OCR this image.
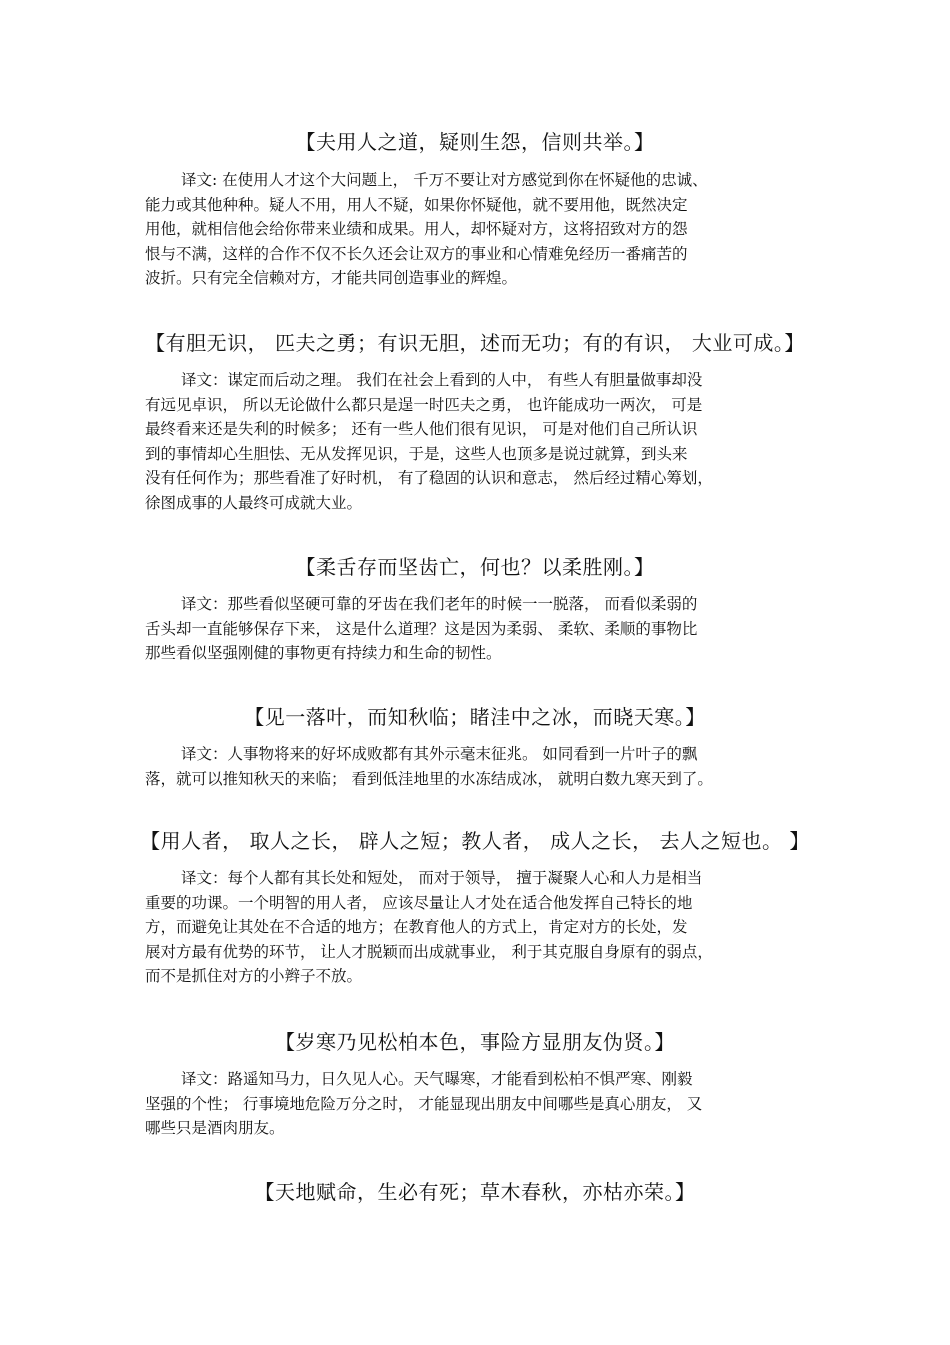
【夫用人之道，疑则生怨，信则共举。】
译文: 在使用人才这个大问题上， 千万不要让对方感觉到你在怀疑他的忠诚、
能力或其他种种。疑人不用，用人不疑，如果你怀疑他，就不要用他，既然决定
用他，就相信他会给你带来业绩和成果。用人，却怀疑对方，这将招致对方的怨
恨与不满，这样的合作不仅不长久还会让双方的事业和心情难免经历一番痛苦的
波折。只有完全信赖对方，才能共同创造事业的辉煌。
【有胆无识， 匹夫之勇；有识无胆，述而无功；有的有识， 大业可成。】
译文：谋定而后动之理。 我们在社会上看到的人中， 有些人有胆量做事却没
有远见卓识， 所以无论做什么都只是逞一时匹夫之勇， 也许能成功一两次， 可是
最终看来还是失利的时候多； 还有一些人他们很有见识， 可是对他们自己所认识
到的事情却心生胆怯、无从发挥见识，于是，这些人也顶多是说过就算，到头来
没有任何作为；那些看准了好时机， 有了稳固的认识和意志， 然后经过精心筹划，
徐图成事的人最终可成就大业。
【柔舌存而坚齿亡，何也？以柔胜刚。】
译文：那些看似坚硬可靠的牙齿在我们老年的时候一一脱落， 而看似柔弱的
舌头却一直能够保存下来， 这是什么道理？这是因为柔弱、 柔软、柔顺的事物比
那些看似坚强刚健的事物更有持续力和生命的韧性。
【见一落叶，而知秋临；睹洼中之冰，而晓天寒。】
译文：人事物将来的好坏成败都有其外示毫末征兆。 如同看到一片叶子的飘
落，就可以推知秋天的来临； 看到低洼地里的水冻结成冰， 就明白数九寒天到了。
【用人者， 取人之长， 辟人之短；教人者， 成人之长， 去人之短也。 】
译文：每个人都有其长处和短处， 而对于领导， 擅于凝聚人心和人力是相当
重要的功课。一个明智的用人者， 应该尽量让人才处在适合他发挥自己特长的地
方，而避免让其处在不合适的地方；在教育他人的方式上，肯定对方的长处，发
展对方最有优势的环节， 让人才脱颖而出成就事业， 利于其克服自身原有的弱点，
而不是抓住对方的小辫子不放。
【岁寒乃见松柏本色，事险方显朋友伪贤。】
译文：路遥知马力，日久见人心。天气曝寒，才能看到松柏不惧严寒、刚毅
坚强的个性； 行事境地危险万分之时， 才能显现出朋友中间哪些是真心朋友， 又
哪些只是酒肉朋友。
【天地赋命，生必有死；草木春秋，亦枯亦荣。】
